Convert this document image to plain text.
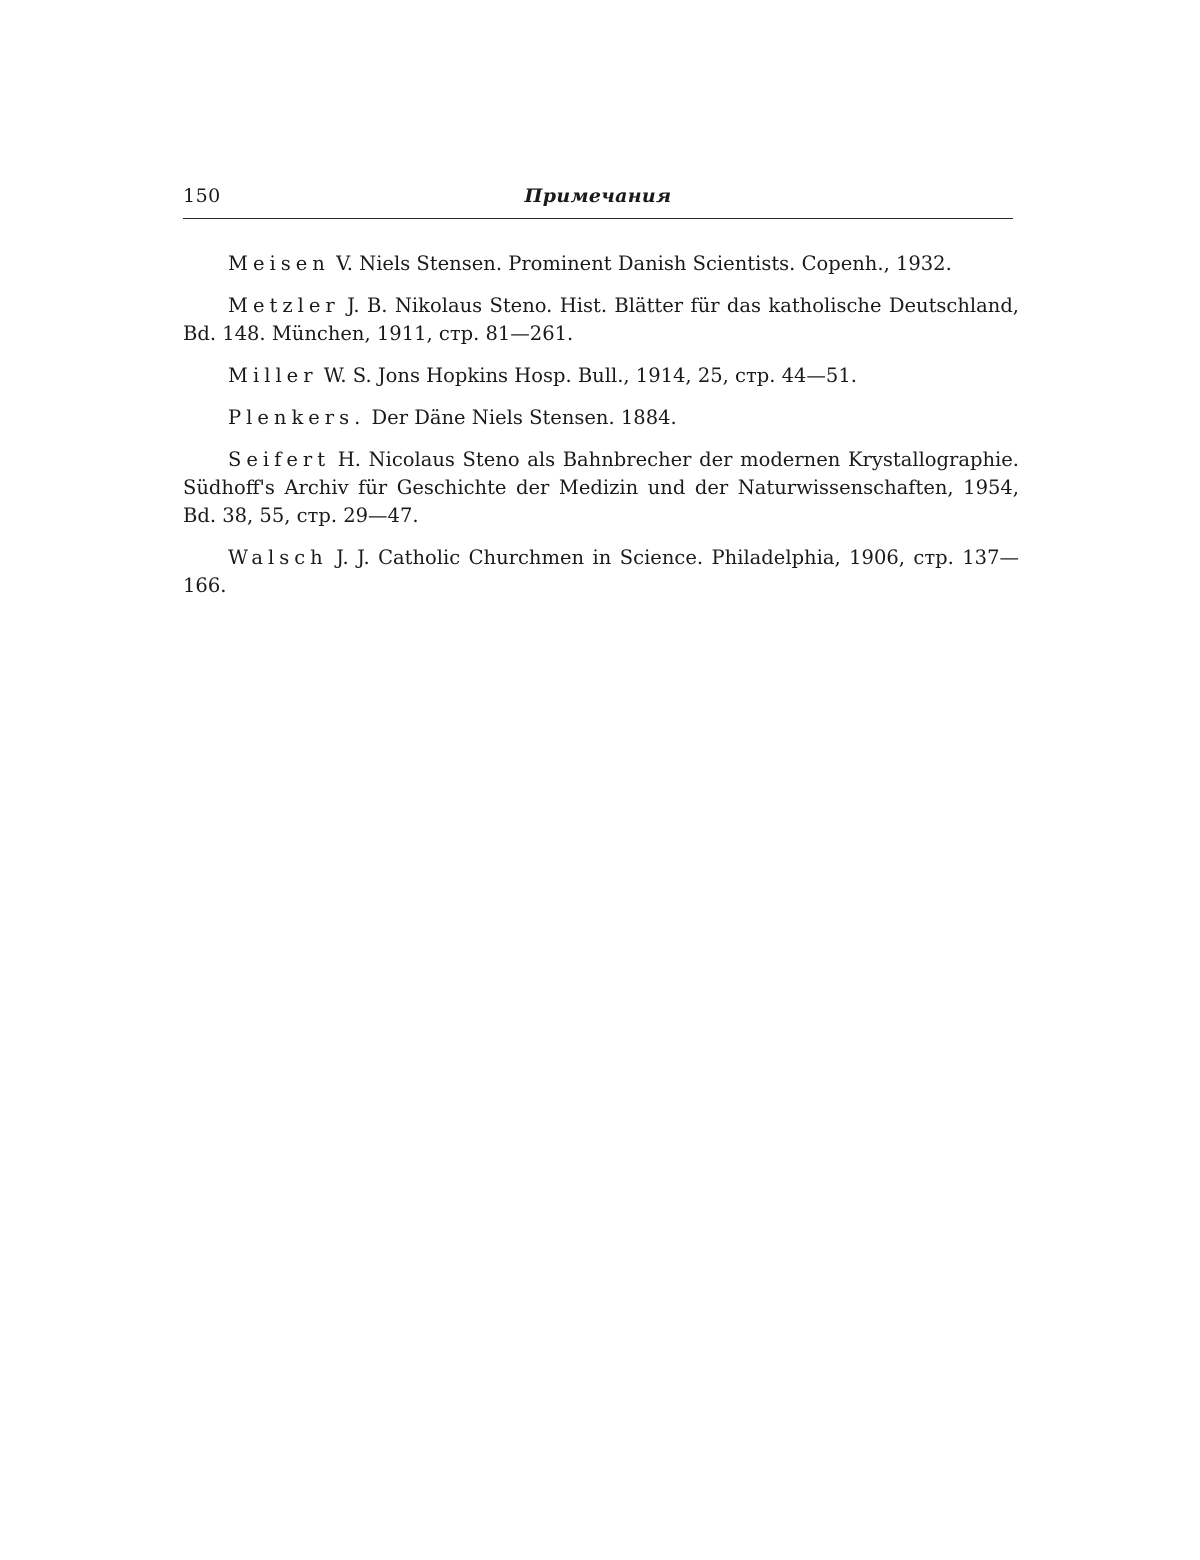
150	Примечания

Meisen V. Niels Stensen. Prominent Danish Scientists. Copenh., 1932.

Metzler J. B. Nikolaus Steno. Hist. Blätter für das katholische Deutschland, Bd. 148. München, 1911, стр. 81—261.

Miller W. S. Jons Hopkins Hosp. Bull., 1914, 25, стр. 44—51.

Plenkers. Der Däne Niels Stensen. 1884.

Seifert H. Nicolaus Steno als Bahnbrecher der modernen Krystallographie. Südhoff's Archiv für Geschichte der Medizin und der Naturwissenschaften, 1954, Bd. 38, 55, стр. 29—47.

Walsch J. J. Catholic Churchmen in Science. Philadelphia, 1906, стр. 137—166.
